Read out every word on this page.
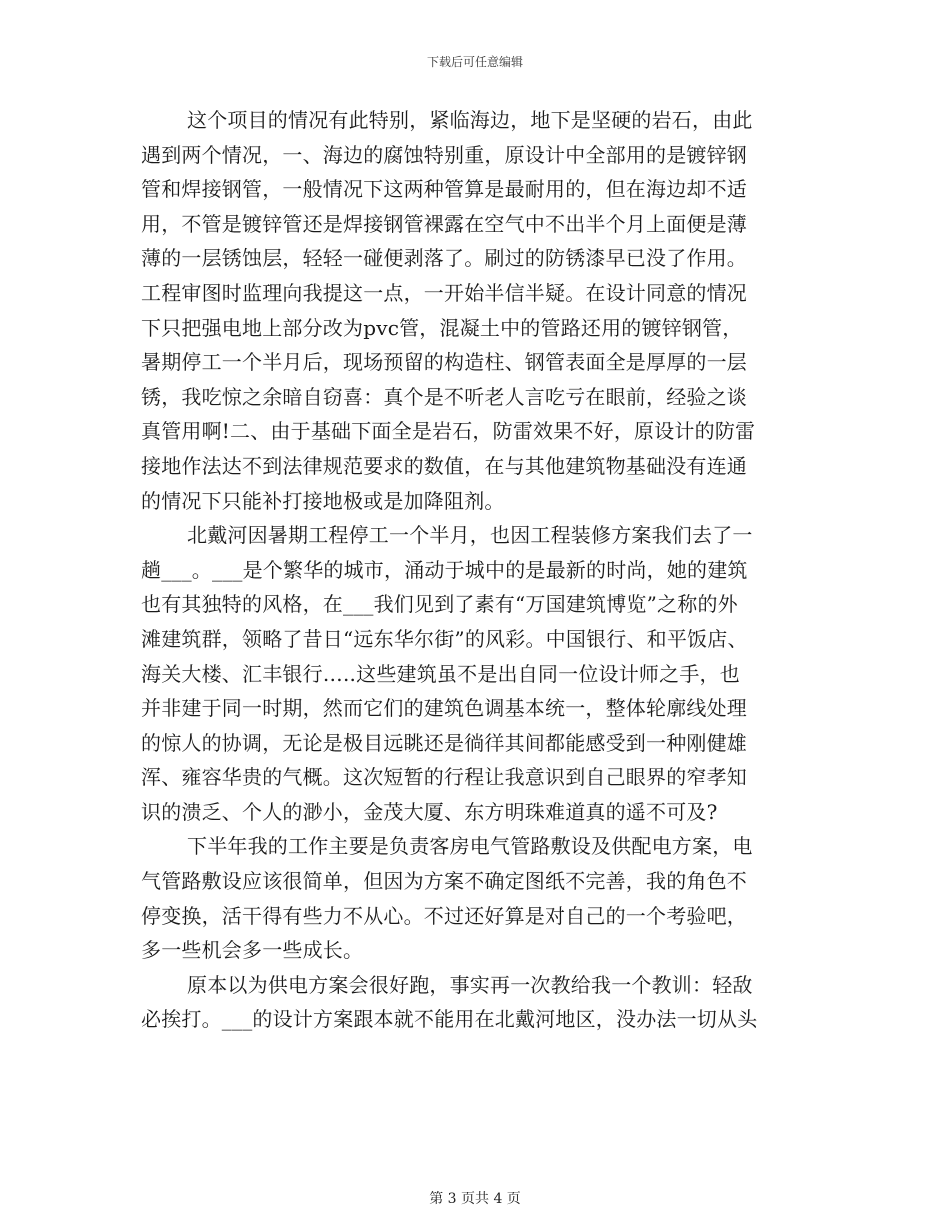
下载后可任意编辑
这个项目的情况有此特别，紧临海边，地下是坚硬的岩石，由此
遇到两个情况，一、海边的腐蚀特别重，原设计中全部用的是镀锌钢
管和焊接钢管，一般情况下这两种管算是最耐用的，但在海边却不适
用，不管是镀锌管还是焊接钢管裸露在空气中不出半个月上面便是薄
薄的一层锈蚀层，轻轻一碰便剥落了。刷过的防锈漆早已没了作用。
工程审图时监理向我提这一点，一开始半信半疑。在设计同意的情况
下只把强电地上部分改为pvc管，混凝土中的管路还用的镀锌钢管，
暑期停工一个半月后，现场预留的构造柱、钢管表面全是厚厚的一层
锈，我吃惊之余暗自窃喜：真个是不听老人言吃亏在眼前，经验之谈
真管用啊!二、由于基础下面全是岩石，防雷效果不好，原设计的防雷
接地作法达不到法律规范要求的数值，在与其他建筑物基础没有连通
的情况下只能补打接地极或是加降阻剂。
北戴河因暑期工程停工一个半月，也因工程装修方案我们去了一
趟___。___是个繁华的城市，涌动于城中的是最新的时尚，她的建筑
也有其独特的风格，在___我们见到了素有“万国建筑博览”之称的外
滩建筑群，领略了昔日“远东华尔街”的风彩。中国银行、和平饭店、
海关大楼、汇丰银行…..这些建筑虽不是出自同一位设计师之手，也
并非建于同一时期，然而它们的建筑色调基本统一，整体轮廓线处理
的惊人的协调，无论是极目远眺还是徜徉其间都能感受到一种刚健雄
浑、雍容华贵的气概。这次短暂的行程让我意识到自己眼界的窄孝知
识的溃乏、个人的渺小，金茂大厦、东方明珠难道真的遥不可及?
下半年我的工作主要是负责客房电气管路敷设及供配电方案，电
气管路敷设应该很简单，但因为方案不确定图纸不完善，我的角色不
停变换，活干得有些力不从心。不过还好算是对自己的一个考验吧，
多一些机会多一些成长。
原本以为供电方案会很好跑，事实再一次教给我一个教训：轻敌
必挨打。___的设计方案跟本就不能用在北戴河地区，没办法一切从头
第 3 页共 4 页
